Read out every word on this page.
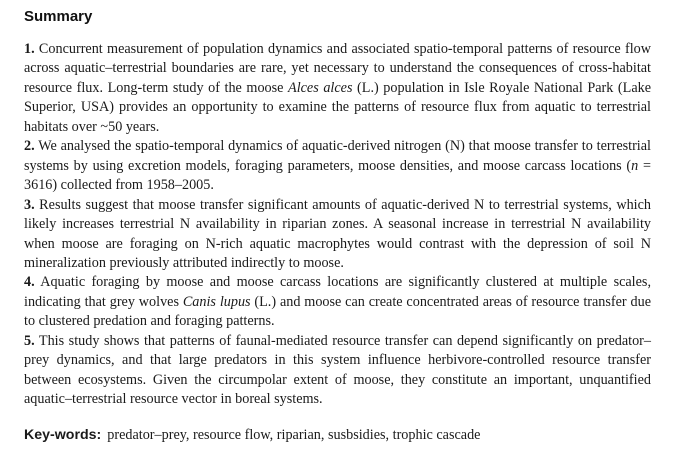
Summary

1. Concurrent measurement of population dynamics and associated spatio-temporal patterns of resource flow across aquatic–terrestrial boundaries are rare, yet necessary to understand the consequences of cross-habitat resource flux. Long-term study of the moose Alces alces (L.) population in Isle Royale National Park (Lake Superior, USA) provides an opportunity to examine the patterns of resource flux from aquatic to terrestrial habitats over ~50 years.

2. We analysed the spatio-temporal dynamics of aquatic-derived nitrogen (N) that moose transfer to terrestrial systems by using excretion models, foraging parameters, moose densities, and moose carcass locations (n = 3616) collected from 1958–2005.

3. Results suggest that moose transfer significant amounts of aquatic-derived N to terrestrial systems, which likely increases terrestrial N availability in riparian zones. A seasonal increase in terrestrial N availability when moose are foraging on N-rich aquatic macrophytes would contrast with the depression of soil N mineralization previously attributed indirectly to moose.

4. Aquatic foraging by moose and moose carcass locations are significantly clustered at multiple scales, indicating that grey wolves Canis lupus (L.) and moose can create concentrated areas of resource transfer due to clustered predation and foraging patterns.

5. This study shows that patterns of faunal-mediated resource transfer can depend significantly on predator–prey dynamics, and that large predators in this system influence herbivore-controlled resource transfer between ecosystems. Given the circumpolar extent of moose, they constitute an important, unquantified aquatic–terrestrial resource vector in boreal systems.

Key-words: predator–prey, resource flow, riparian, susbsidies, trophic cascade
